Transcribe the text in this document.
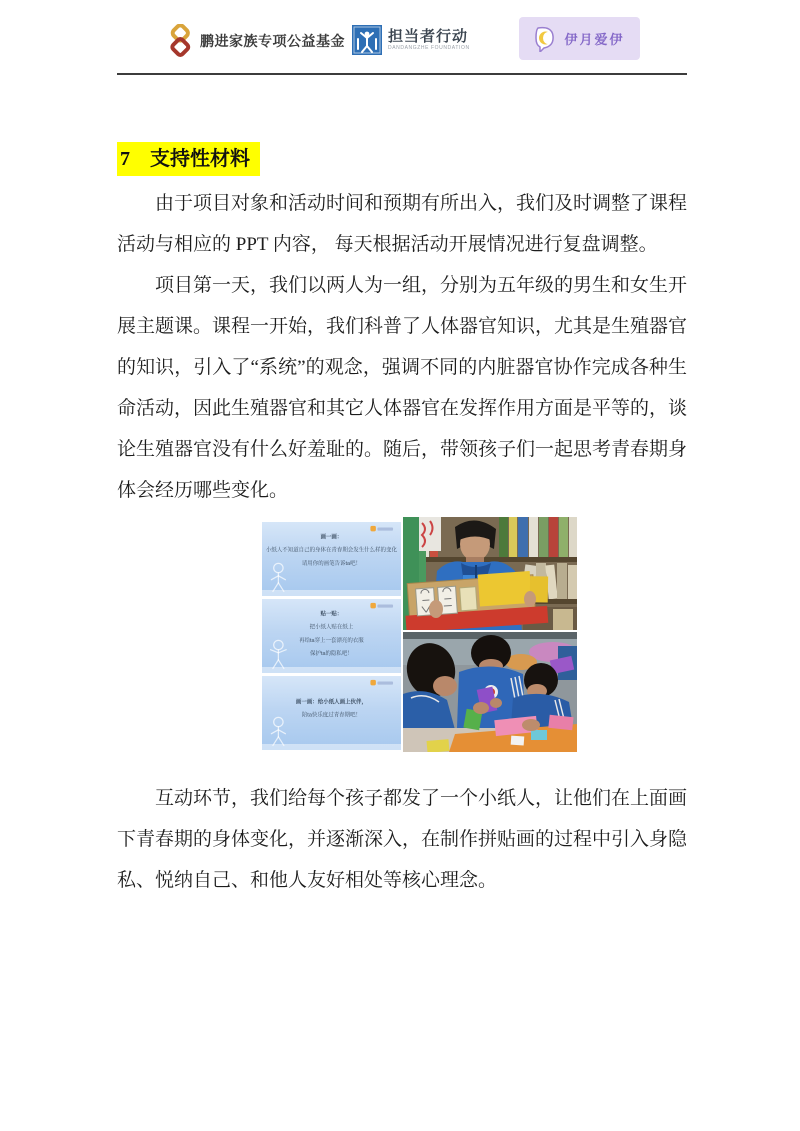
鹏进家族专项公益基金	担当者行动
DANDANGZHE FOUNDATION
伊月爱伊
7　支持性材料

由于项目对象和活动时间和预期有所出入，我们及时调整了课程活动与相应的 PPT 内容， 每天根据活动开展情况进行复盘调整。

项目第一天，我们以两人为一组，分别为五年级的男生和女生开展主题课。课程一开始，我们科普了人体器官知识，尤其是生殖器官的知识，引入了“系统”的观念，强调不同的内脏器官协作完成各种生命活动，因此生殖器官和其它人体器官在发挥作用方面是平等的，谈论生殖器官没有什么好羞耻的。随后，带领孩子们一起思考青春期身体会经历哪些变化。

画一画：
小纸人不知道自己的身体在青春期会发生什么样的变化
请用你的画笔告诉ta吧！
贴一贴：
把小纸人贴在纸上
再给ta穿上一套漂亮的衣服
保护ta的隐私吧！
画一画：给小纸人画上伙伴，
陪ta快乐度过青春期吧！

互动环节，我们给每个孩子都发了一个小纸人，让他们在上面画下青春期的身体变化，并逐渐深入，在制作拼贴画的过程中引入身隐私、悦纳自己、和他人友好相处等核心理念。
